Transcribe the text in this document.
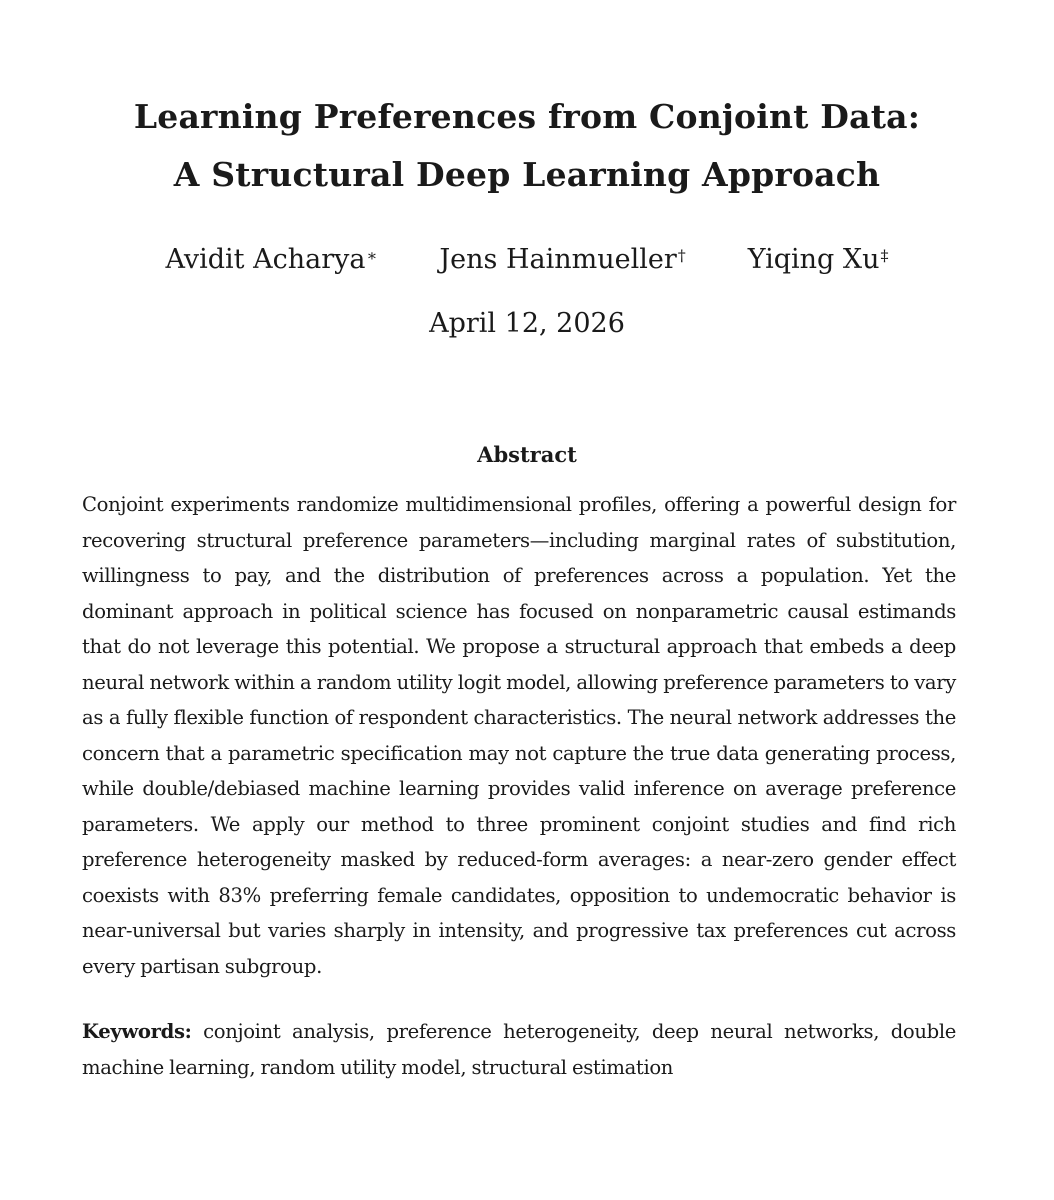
Learning Preferences from Conjoint Data:
A Structural Deep Learning Approach
Avidit Acharya∗ Jens Hainmueller† Yiqing Xu‡
April 12, 2026
Abstract

Conjoint experiments randomize multidimensional profiles, offering a powerful design for recovering structural preference parameters—including marginal rates of substitution, willingness to pay, and the distribution of preferences across a population. Yet the dominant approach in political science has focused on nonparametric causal estimands that do not leverage this potential. We propose a structural approach that embeds a deep neural network within a random utility logit model, allowing preference parameters to vary as a fully flexible function of respondent characteristics. The neural network addresses the concern that a parametric specification may not capture the true data generating process, while double/debiased machine learning provides valid inference on average preference parameters. We apply our method to three prominent conjoint studies and find rich preference heterogeneity masked by reduced-form averages: a near-zero gender effect coexists with 83% preferring female candidates, opposition to undemocratic behavior is near-universal but varies sharply in intensity, and progressive tax preferences cut across every partisan subgroup.

Keywords: conjoint analysis, preference heterogeneity, deep neural networks, double machine learning, random utility model, structural estimation
